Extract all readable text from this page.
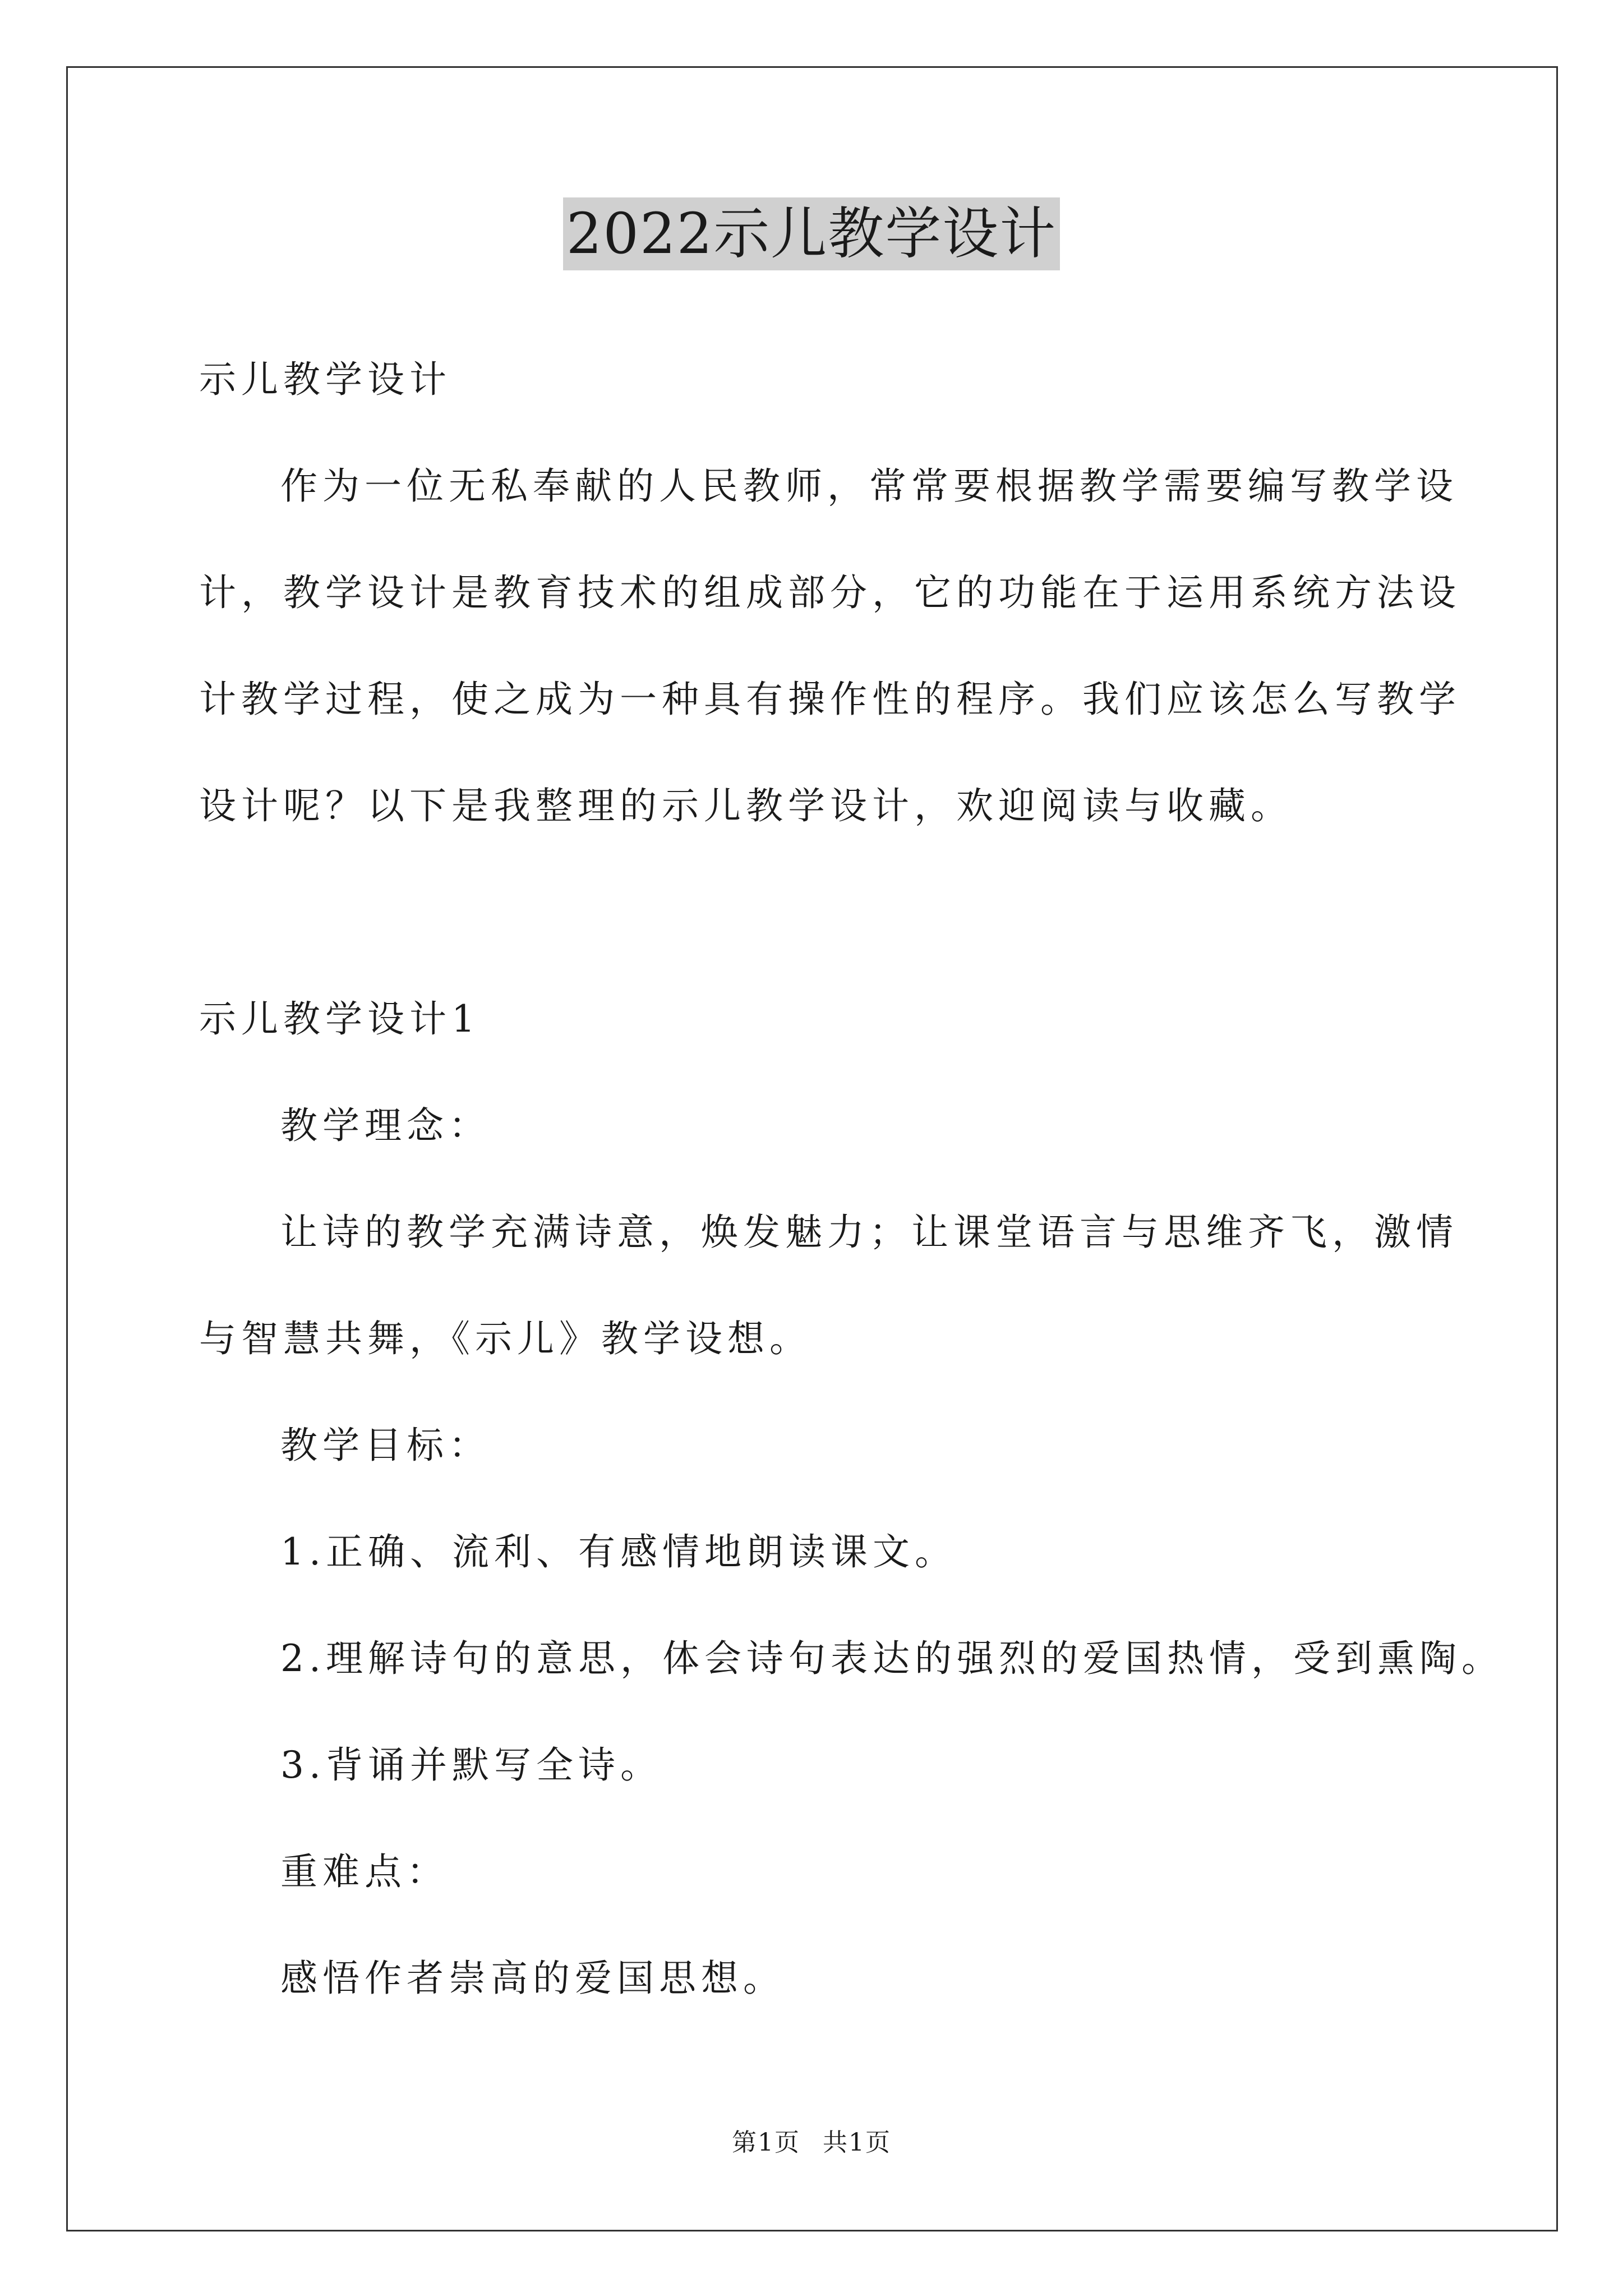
2022示儿教学设计
示儿教学设计
作为一位无私奉献的人民教师，常常要根据教学需要编写教学设
计，教学设计是教育技术的组成部分，它的功能在于运用系统方法设
计教学过程，使之成为一种具有操作性的程序。我们应该怎么写教学
设计呢？以下是我整理的示儿教学设计，欢迎阅读与收藏。
示儿教学设计1
教学理念：
让诗的教学充满诗意，焕发魅力；让课堂语言与思维齐飞，激情
与智慧共舞，《示儿》教学设想。
教学目标：
1.正确、流利、有感情地朗读课文。
2.理解诗句的意思，体会诗句表达的强烈的爱国热情，受到熏陶。
3.背诵并默写全诗。
重难点：
感悟作者崇高的爱国思想。
第1页 共1页
